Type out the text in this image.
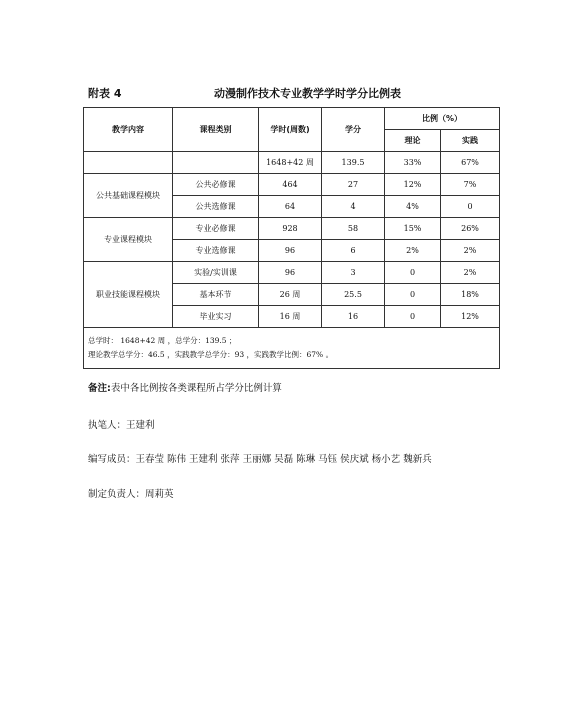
附表 4	动漫制作技术专业教学学时学分比例表
教学内容	课程类别	学时(周数)	学分	比例（%）	
				理论	实践
		1648+42 周	139.5	33%	67%
公共基础课程模块	公共必修课	464	27	12%	7%
	公共选修课	64	4	4%	0
专业课程模块	专业必修课	928	58	15%	26%
	专业选修课	96	6	2%	2%
职业技能课程模块	实验/实训课	96	3	0	2%
	基本环节	26 周	25.5	0	18%
	毕业实习	16 周	16	0	12%

总学时： 1648+42 周 ，总学分：139.5 ；
理论教学总学分：46.5 ，实践教学总学分：93 ，实践教学比例：67% 。					
备注:表中各比例按各类课程所占学分比例计算
执笔人：王建利
编写成员：王春莹 陈伟 王建利 张萍 王丽娜 吴磊 陈琳 马钰 侯庆斌 杨小艺 魏新兵
制定负责人：周莉英
